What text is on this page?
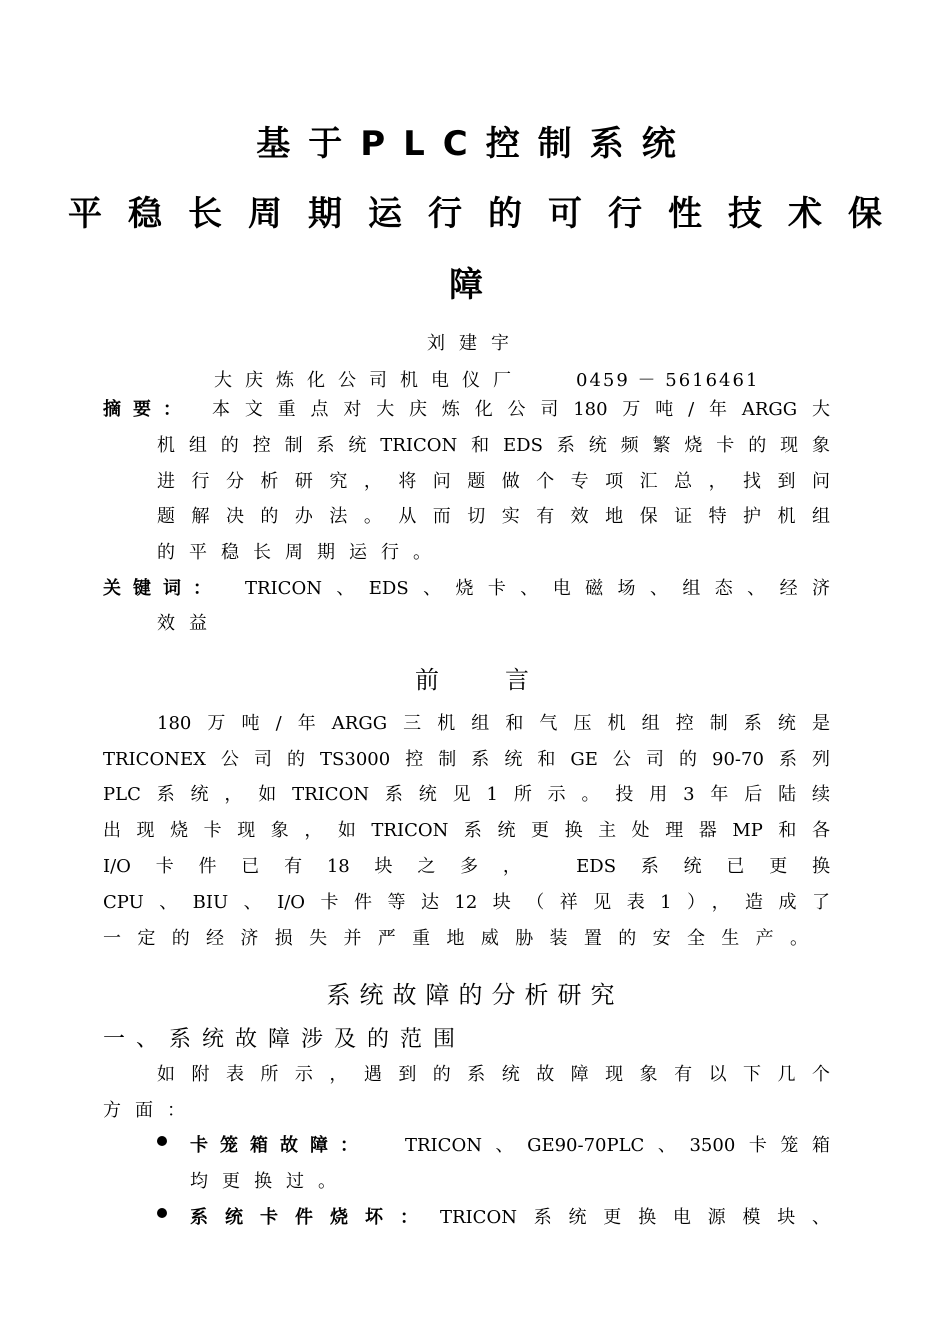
基于PLC控制系统
平稳长周期运行的可行性技术保
障
刘建宇
大庆炼化公司机电仪厂	0459 － 5616461
摘要： 本文重点对大庆炼化公司180万吨/年ARGG大
机组的控制系统TRICON和EDS系统频繁烧卡的现象
进行分析研究，将问题做个专项汇总，找到问
题解决的办法。从而切实有效地保证特护机组
的平稳长周期运行。
关键词： TRICON、EDS、烧卡、电磁场、组态、经济
效益
前　　言
180万吨/年ARGG三机组和气压机组控制系统是
TRICONEX公司的TS3000控制系统和GE公司的90-70系列
PLC系统，如TRICON系统见1所示。投用3年后陆续
出现烧卡现象，如TRICON系统更换主处理器MP和各
I/O卡件已有18块之多， EDS系统已更换
CPU、BIU、I/O卡件等达12块（祥见表1），造成了
一定的经济损失并严重地威胁装置的安全生产。
系统故障的分析研究
一、系统故障涉及的范围
如附表所示，遇到的系统故障现象有以下几个
方面：
卡笼箱故障： TRICON、GE90-70PLC、3500卡笼箱
均更换过。
系统卡件烧坏： TRICON系统更换电源模块、
